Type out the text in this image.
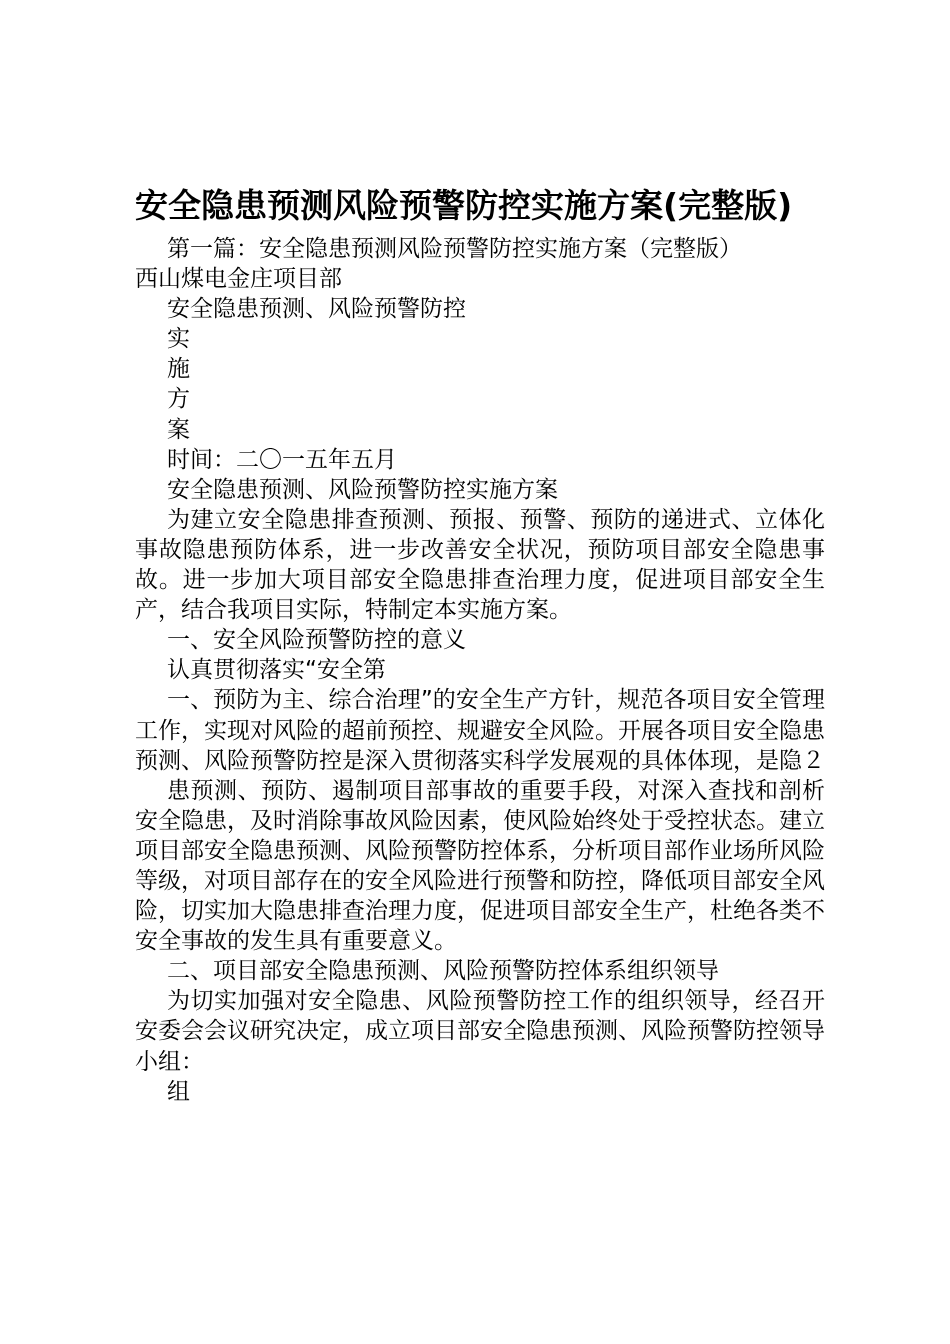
安全隐患预测风险预警防控实施方案(完整版)

第一篇：安全隐患预测风险预警防控实施方案（完整版）

西山煤电金庄项目部

安全隐患预测、风险预警防控

实

施

方

案

时间：二〇一五年五月

安全隐患预测、风险预警防控实施方案

为建立安全隐患排查预测、预报、预警、预防的递进式、立体化事故隐患预防体系，进一步改善安全状况，预防项目部安全隐患事故。进一步加大项目部安全隐患排查治理力度，促进项目部安全生产，结合我项目实际，特制定本实施方案。

一、安全风险预警防控的意义

认真贯彻落实“安全第

一、预防为主、综合治理”的安全生产方针，规范各项目安全管理工作，实现对风险的超前预控、规避安全风险。开展各项目安全隐患预测、风险预警防控是深入贯彻落实科学发展观的具体体现，是隐２

患预测、预防、遏制项目部事故的重要手段，对深入查找和剖析安全隐患，及时消除事故风险因素，使风险始终处于受控状态。建立项目部安全隐患预测、风险预警防控体系，分析项目部作业场所风险等级，对项目部存在的安全风险进行预警和防控，降低项目部安全风险，切实加大隐患排查治理力度，促进项目部安全生产，杜绝各类不安全事故的发生具有重要意义。

二、项目部安全隐患预测、风险预警防控体系组织领导

为切实加强对安全隐患、风险预警防控工作的组织领导，经召开安委会会议研究决定，成立项目部安全隐患预测、风险预警防控领导小组：

组
